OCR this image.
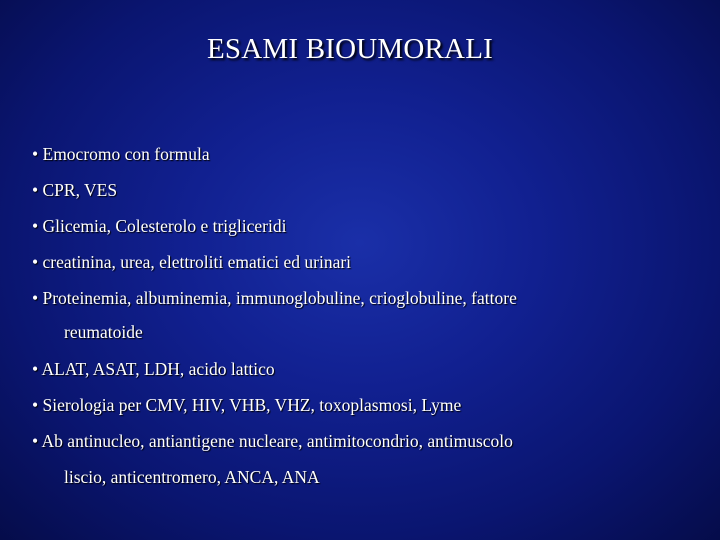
ESAMI BIOUMORALI
• Emocromo con formula
• CPR, VES
• Glicemia, Colesterolo e trigliceridi
• creatinina, urea, elettroliti ematici ed urinari
• Proteinemia, albuminemia, immunoglobuline, crioglobuline, fattore
reumatoide
• ALAT, ASAT, LDH, acido lattico
• Sierologia per CMV, HIV, VHB, VHZ, toxoplasmosi, Lyme
• Ab antinucleo, antiantigene nucleare, antimitocondrio, antimuscolo
liscio, anticentromero, ANCA, ANA
